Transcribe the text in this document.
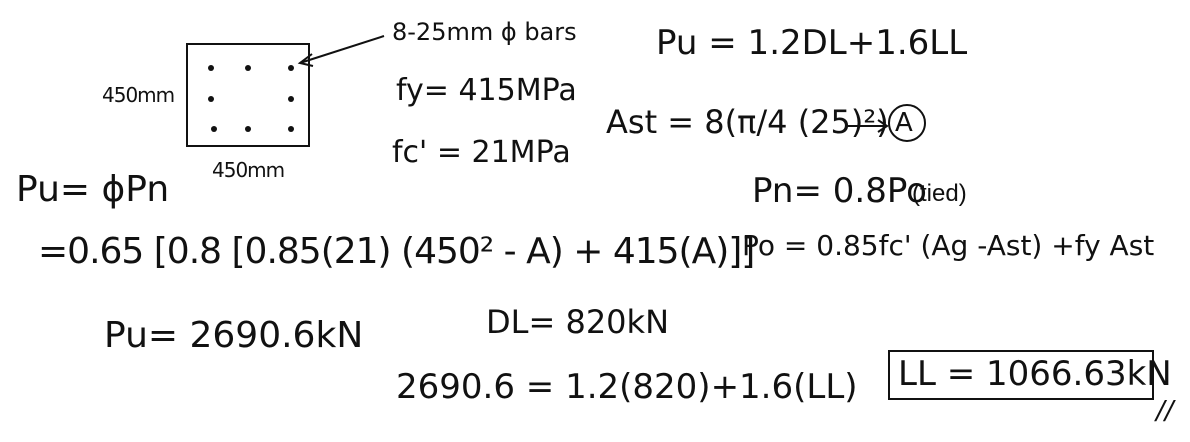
8-25mm ϕ bars
450mm
450mm
fy= 415MPa
fc' = 21MPa
Pu = 1.2DL+1.6LL
Ast = 8(π/4 (25)²) A
Pn= 0.8Po
(tied)
Po = 0.85fc' (Ag -Ast) +fy Ast
Pu= ϕPn
=0.65 [0.8 [0.85(21) (450² - A) + 415(A)]]
Pu= 2690.6kN	DL= 820kN
2690.6 = 1.2(820)+1.6(LL) LL = 1066.63kN
//
